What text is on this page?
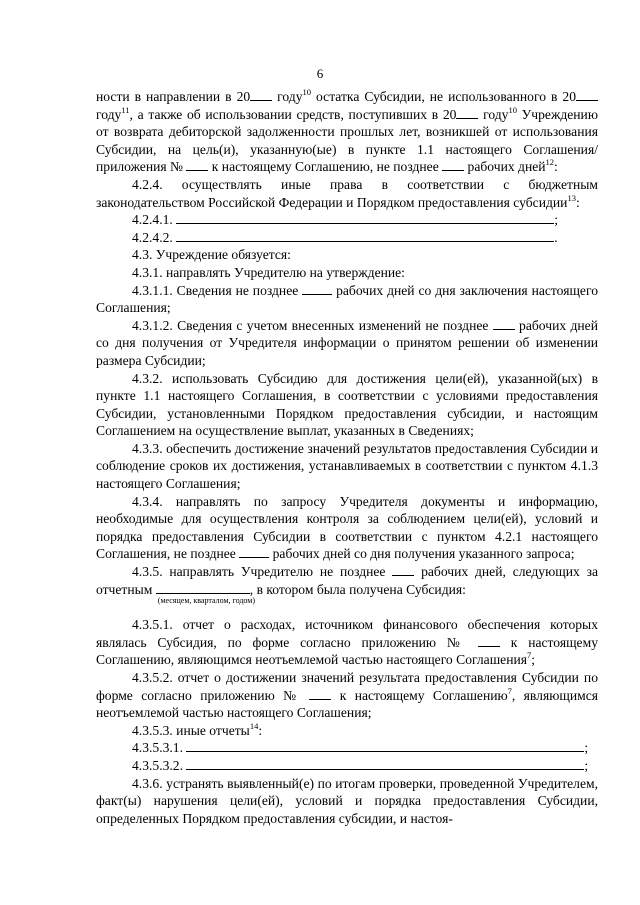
6

ности в направлении в 20 году$^{10}$ остатка Субсидии, не использованного в 20 году$^{11}$, а также об использовании средств, поступивших в 20 году$^{10}$ Учреждению от возврата дебиторской задолженности прошлых лет, возникшей от использования Субсидии, на цель(и), указанную(ые) в пункте 1.1 настоящего Соглашения/приложения №  к настоящему Соглашению, не позднее  рабочих дней$^{12}$:

4.2.4. осуществлять иные права в соответствии с бюджетным законодательством Российской Федерации и Порядком предоставления субсидии$^{13}$:

4.2.4.1.	;

4.2.4.2.	.

4.3. Учреждение обязуется:

4.3.1. направлять Учредителю на утверждение:

4.3.1.1. Сведения не позднее  рабочих дней со дня заключения настоящего Соглашения;

4.3.1.2. Сведения с учетом внесенных изменений не позднее  рабочих дней со дня получения от Учредителя информации о принятом решении об изменении размера Субсидии;

4.3.2. использовать Субсидию для достижения цели(ей), указанной(ых) в пункте 1.1 настоящего Соглашения, в соответствии с условиями предоставления Субсидии, установленными Порядком предоставления субсидии, и настоящим Соглашением на осуществление выплат, указанных в Сведениях;

4.3.3. обеспечить достижение значений результатов предоставления Субсидии и соблюдение сроков их достижения, устанавливаемых в соответствии с пунктом 4.1.3 настоящего Соглашения;

4.3.4. направлять по запросу Учредителя документы и информацию, необходимые для осуществления контроля за соблюдением цели(ей), условий и порядка предоставления Субсидии в соответствии с пунктом 4.2.1 настоящего Соглашения, не позднее  рабочих дней со дня получения указанного запроса;

4.3.5. направлять Учредителю не позднее  рабочих дней, следующих за отчетным
(месяцем, кварталом, годом)
, в котором была получена Субсидия:

4.3.5.1. отчет о расходах, источником финансового обеспечения которых являлась Субсидия, по форме согласно приложению №  к настоящему Соглашению, являющимся неотъемлемой частью настоящего Соглашения$^7$;

4.3.5.2. отчет о достижении значений результата предоставления Субсидии по форме согласно приложению №  к настоящему Соглашению$^7$, являющимся неотъемлемой частью настоящего Соглашения;

4.3.5.3. иные отчеты$^{14}$:

4.3.5.3.1.	;

4.3.5.3.2.	;

4.3.6. устранять выявленный(е) по итогам проверки, проведенной Учредителем, факт(ы) нарушения цели(ей), условий и порядка предоставления Субсидии, определенных Порядком предоставления субсидии, и настоя-
